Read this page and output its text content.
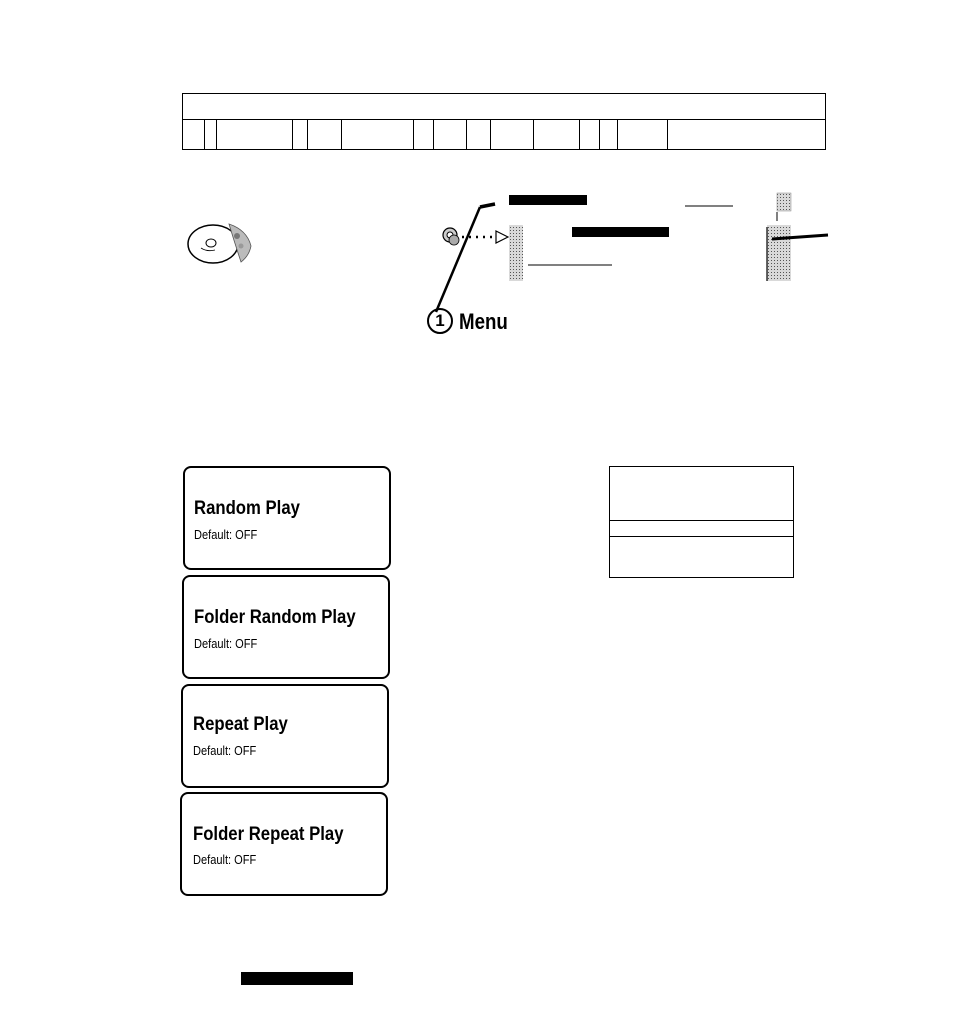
1 Menu
Random Play
Default: OFF
Folder Random Play
Default: OFF
Repeat Play
Default: OFF
Folder Repeat Play
Default: OFF
